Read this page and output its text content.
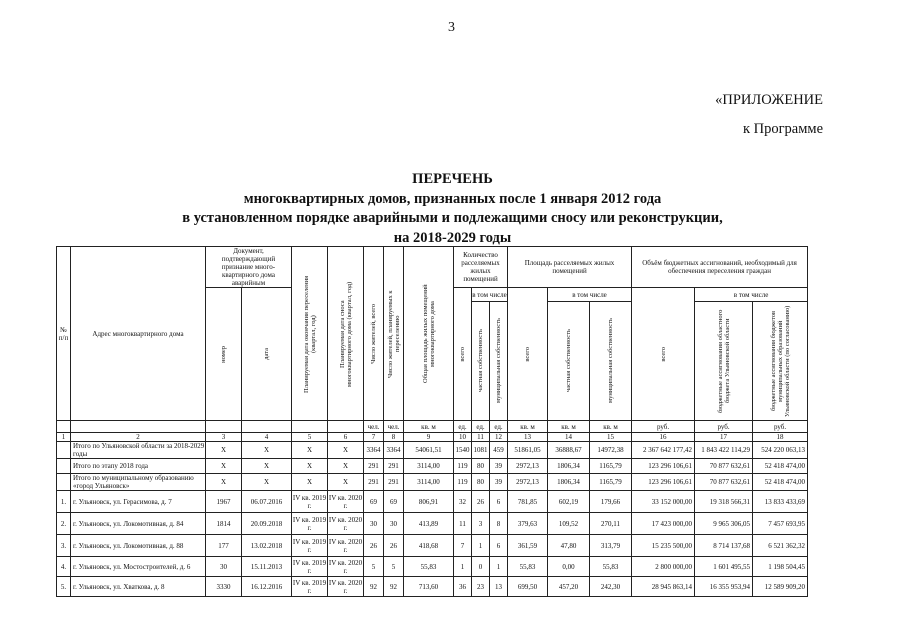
3
«ПРИЛОЖЕНИЕ
к Программе
ПЕРЕЧЕНЬ
многоквартирных домов, признанных после 1 января 2012 года
в установленном порядке аварийными и подлежащими сносу или реконструкции,
на 2018-2029 годы
№ п/п	Адрес многоквартирного дома	Документ, подтверждающий признание много-квартирного дома аварийным		Планируемая дата окончания переселения (квартал, год)	Планируемая дата сноса многоквартирного дома (квартал, год)	Число жителей, всего	Число жителей, планируемых к переселению	Общая площадь жилых помещений многоквартирного дома	Количество расселяемых жилых помещений			Площадь расселяемых жилых помещений			Объём бюджетных ассигнований, необходимый для обеспечения переселения граждан		

		номер	дата						всего	в том числе		всего	в том числе		всего	в том числе	

										частная собственность	муниципальная собственность		частная собственность	муниципальная собственность		бюджетные ассигнования областного бюджета Ульяновской области	бюджетные ассигнования бюджетов муниципальных образований Ульяновской области (по согласованию)

						чел.	чел.	кв. м	ед.	ед.	ед.	кв. м	кв. м	кв. м	руб.	руб.	руб.
1	2	3	4	5	6	7	8	9	10	11	12	13	14	15	16	17	18
	Итого по Ульяновской области за 2018-2029 годы	X	X	X	X	3364	3364	54061,51	1540	1081	459	51861,05	36888,67	14972,38	2 367 642 177,42	1 843 422 114,29	524 220 063,13
	Итого по этапу 2018 года	X	X	X	X	291	291	3114,00	119	80	39	2972,13	1806,34	1165,79	123 296 106,61	70 877 632,61	52 418 474,00
	Итого по муниципальному образованию «город Ульяновск»	X	X	X	X	291	291	3114,00	119	80	39	2972,13	1806,34	1165,79	123 296 106,61	70 877 632,61	52 418 474,00
1.	г. Ульяновск, ул. Герасимова, д. 7	1967	06.07.2016	IV кв. 2019 г.	IV кв. 2020 г.	69	69	806,91	32	26	6	781,85	602,19	179,66	33 152 000,00	19 318 566,31	13 833 433,69
2.	г. Ульяновск, ул. Локомотивная, д. 84	1814	20.09.2018	IV кв. 2019 г.	IV кв. 2020 г.	30	30	413,89	11	3	8	379,63	109,52	270,11	17 423 000,00	9 965 306,05	7 457 693,95
3.	г. Ульяновск, ул. Локомотивная, д. 88	177	13.02.2018	IV кв. 2019 г.	IV кв. 2020 г.	26	26	418,68	7	1	6	361,59	47,80	313,79	15 235 500,00	8 714 137,68	6 521 362,32
4.	г. Ульяновск, ул. Мостостроителей, д. 6	30	15.11.2013	IV кв. 2019 г.	IV кв. 2020 г.	5	5	55,83	1	0	1	55,83	0,00	55,83	2 800 000,00	1 601 495,55	1 198 504,45
5.	г. Ульяновск, ул. Хваткова, д. 8	3330	16.12.2016	IV кв. 2019 г.	IV кв. 2020 г.	92	92	713,60	36	23	13	699,50	457,20	242,30	28 945 863,14	16 355 953,94	12 589 909,20
